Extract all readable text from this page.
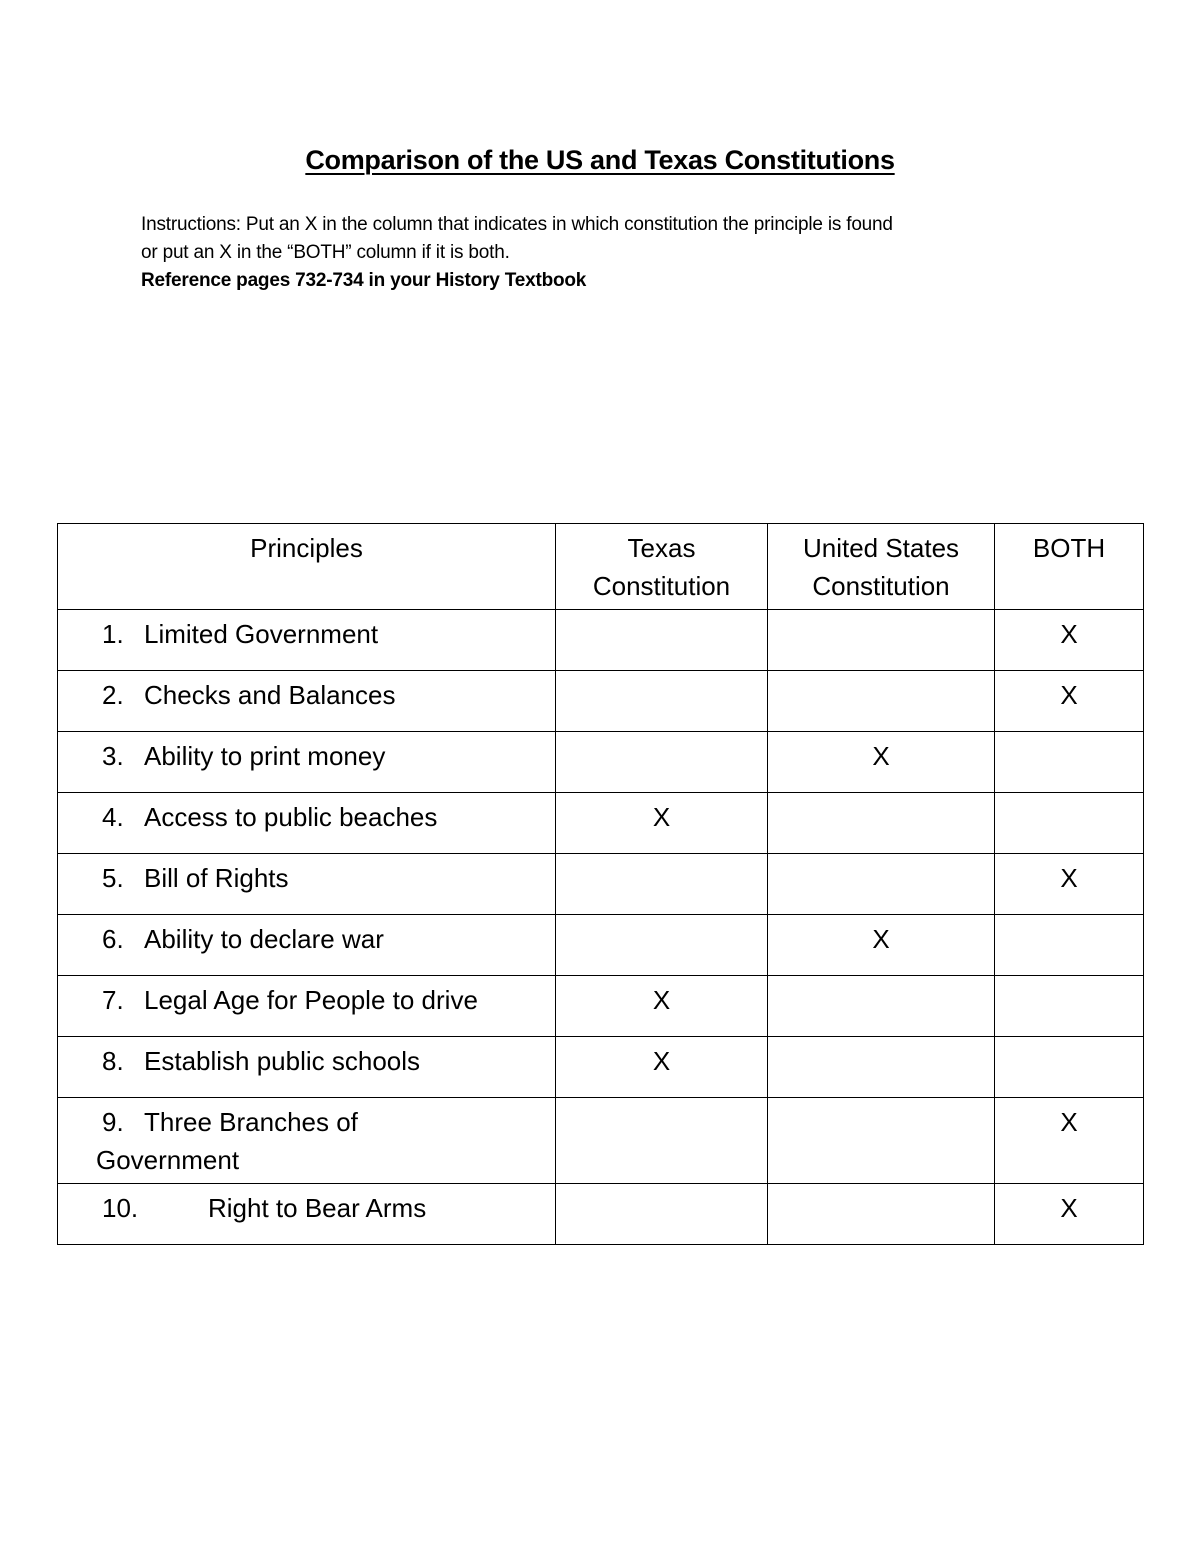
Comparison of the US and Texas Constitutions

Instructions: Put an X in the column that indicates in which constitution the principle is found

or put an X in the “BOTH” column if it is both.

Reference pages 732-734 in your History Textbook

Principles	Texas Constitution	United States Constitution	BOTH

1. Limited Government			X

2. Checks and Balances			X

3. Ability to print money		X	

4. Access to public beaches	X		

5. Bill of Rights			X

6. Ability to declare war		X	

7. Legal Age for People to drive	X		

8. Establish public schools	X		

9. Three Branches of
Government			X

10. Right to Bear Arms			X
